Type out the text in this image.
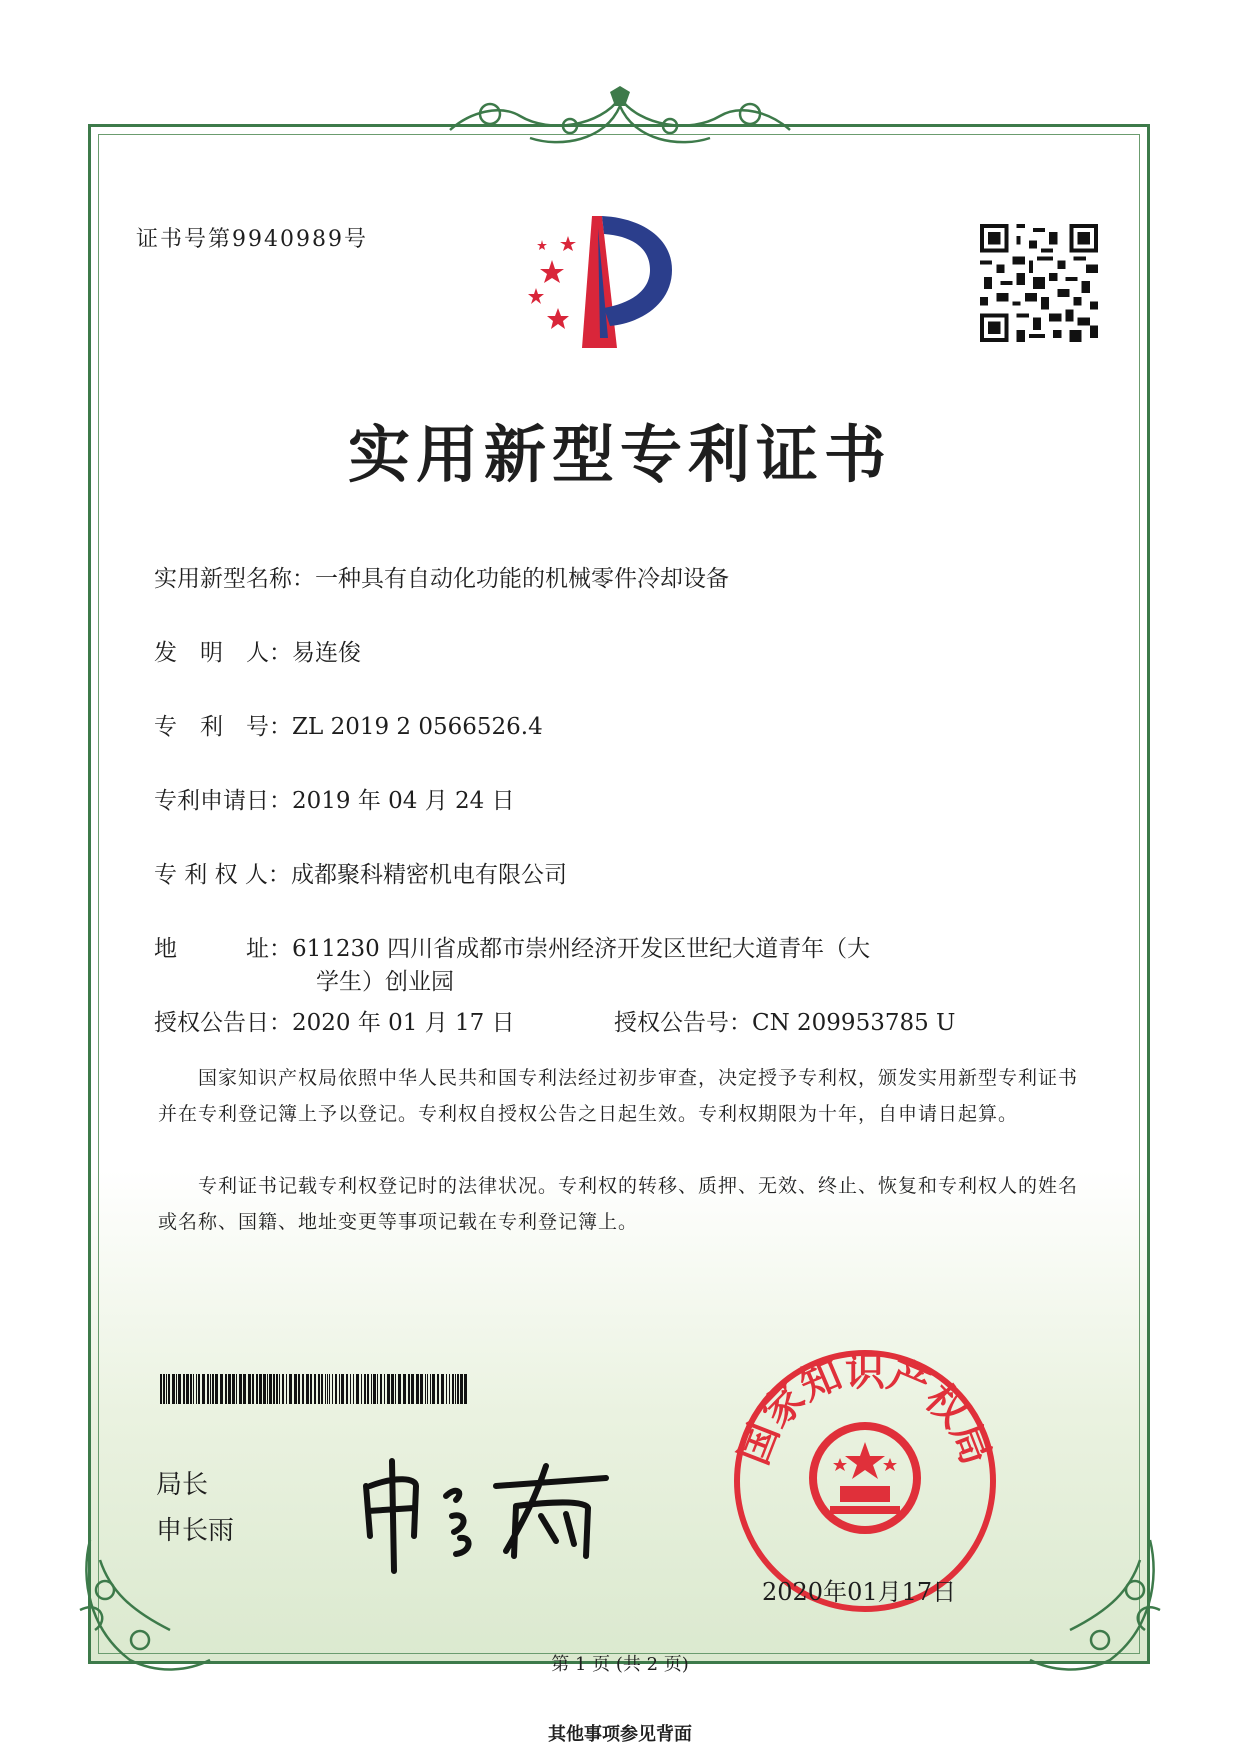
证书号第9940989号
实用新型专利证书
实用新型名称：一种具有自动化功能的机械零件冷却设备
发　明　人：易连俊
专　利　号：ZL 2019 2 0566526.4
专利申请日：2019 年 04 月 24 日
专 利 权 人：成都聚科精密机电有限公司
地　　　址：611230 四川省成都市崇州经济开发区世纪大道青年（大
学生）创业园
授权公告日：2020 年 01 月 17 日	授权公告号：CN 209953785 U
国家知识产权局依照中华人民共和国专利法经过初步审查，决定授予专利权，颁发实用新型专利证书并在专利登记簿上予以登记。专利权自授权公告之日起生效。专利权期限为十年，自申请日起算。
专利证书记载专利权登记时的法律状况。专利权的转移、质押、无效、终止、恢复和专利权人的姓名或名称、国籍、地址变更等事项记载在专利登记簿上。
局长
申长雨
国家知识产权局
2020年01月17日
第 1 页 (共 2 页)
其他事项参见背面
